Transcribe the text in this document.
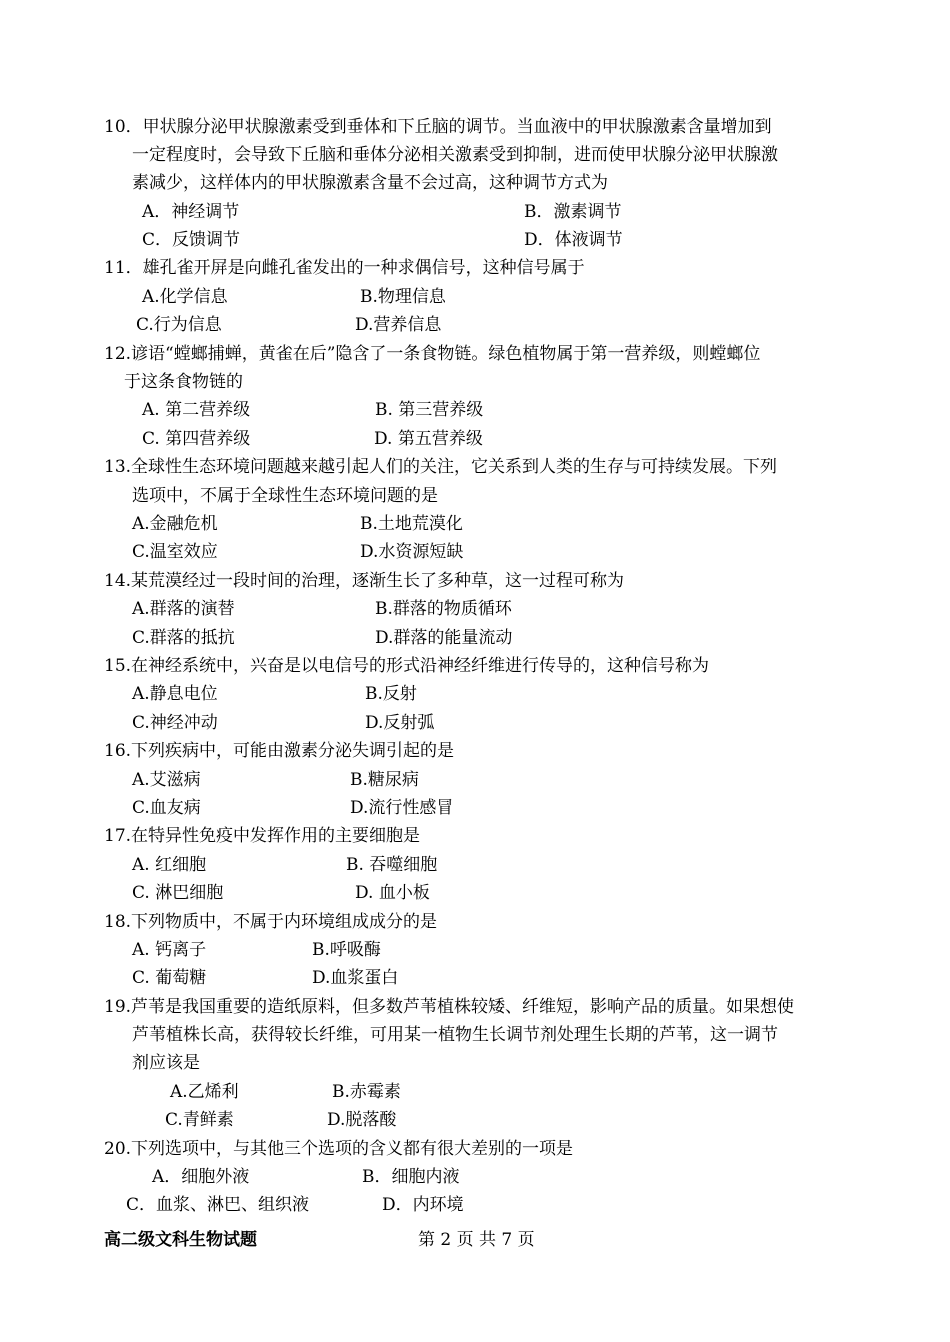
10．甲状腺分泌甲状腺激素受到垂体和下丘脑的调节。当血液中的甲状腺激素含量增加到
一定程度时，会导致下丘脑和垂体分泌相关激素受到抑制，进而使甲状腺分泌甲状腺激
素减少，这样体内的甲状腺激素含量不会过高，这种调节方式为
A．神经调节	B．激素调节
C．反馈调节	D．体液调节
11．雄孔雀开屏是向雌孔雀发出的一种求偶信号，这种信号属于
A.化学信息	B.物理信息
C.行为信息	D.营养信息
12.谚语“螳螂捕蝉，黄雀在后”隐含了一条食物链。绿色植物属于第一营养级，则螳螂位
于这条食物链的
A. 第二营养级	B. 第三营养级
C. 第四营养级	D. 第五营养级
13.全球性生态环境问题越来越引起人们的关注，它关系到人类的生存与可持续发展。下列
选项中，不属于全球性生态环境问题的是
A.金融危机	B.土地荒漠化
C.温室效应	D.水资源短缺
14.某荒漠经过一段时间的治理，逐渐生长了多种草，这一过程可称为
A.群落的演替	B.群落的物质循环
C.群落的抵抗	D.群落的能量流动
15.在神经系统中，兴奋是以电信号的形式沿神经纤维进行传导的，这种信号称为
A.静息电位	B.反射
C.神经冲动	D.反射弧
16.下列疾病中，可能由激素分泌失调引起的是
A.艾滋病	B.糖尿病
C.血友病	D.流行性感冒
17.在特异性免疫中发挥作用的主要细胞是
A. 红细胞	B. 吞噬细胞
C. 淋巴细胞	D. 血小板
18.下列物质中，不属于内环境组成成分的是
A. 钙离子	B.呼吸酶
C. 葡萄糖	D.血浆蛋白
19.芦苇是我国重要的造纸原料，但多数芦苇植株较矮、纤维短，影响产品的质量。如果想使
芦苇植株长高，获得较长纤维，可用某一植物生长调节剂处理生长期的芦苇，这一调节
剂应该是
A.乙烯利	B.赤霉素
C.青鲜素	D.脱落酸
20.下列选项中，与其他三个选项的含义都有很大差别的一项是
A．细胞外液	B．细胞内液
C．血浆、淋巴、组织液	D．内环境
高二级文科生物试题	第 2 页 共 7 页
